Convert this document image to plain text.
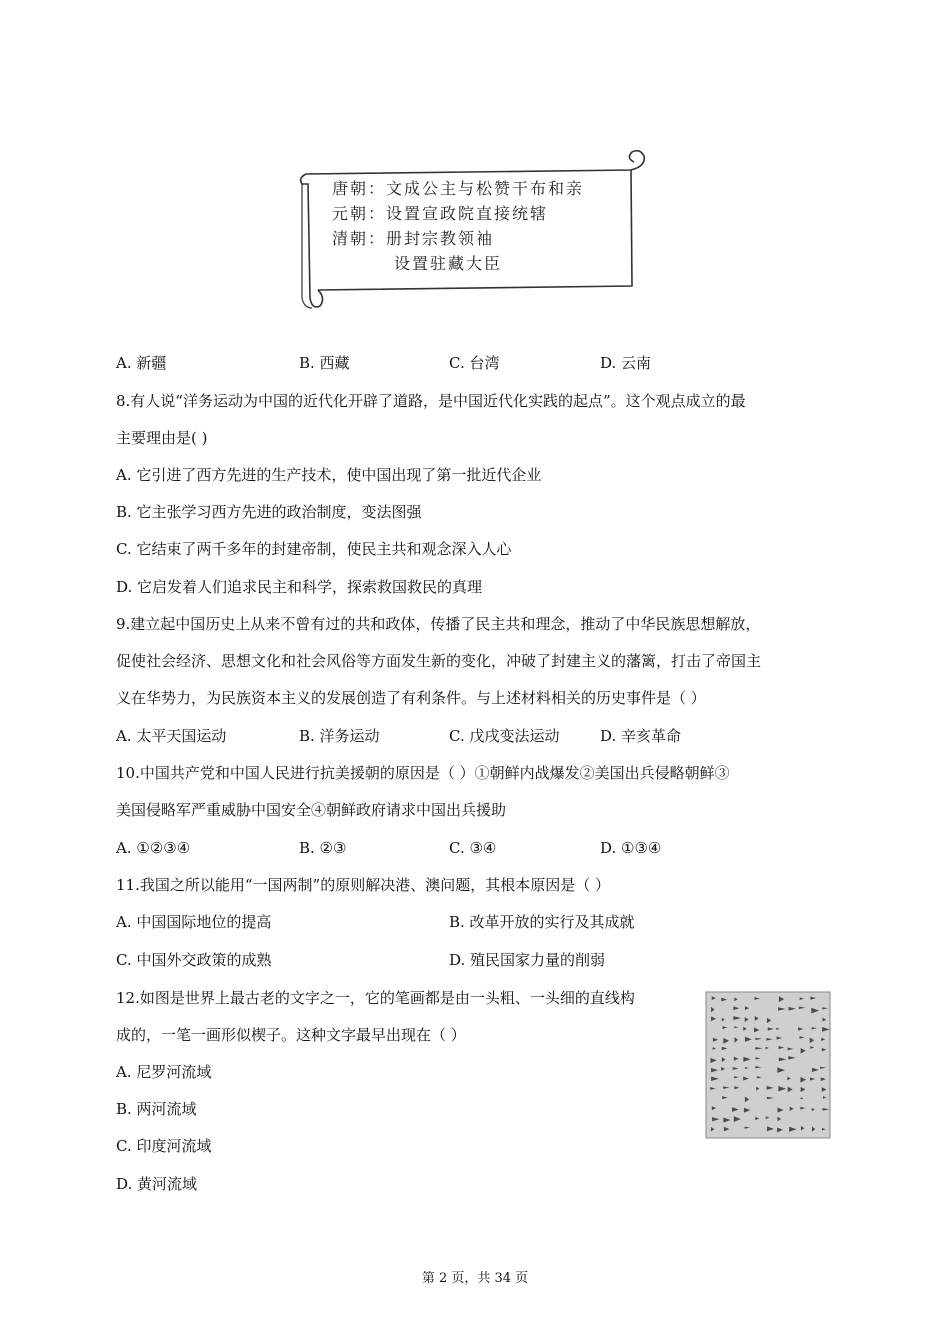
唐朝：文成公主与松赞干布和亲
元朝：设置宣政院直接统辖
清朝：册封宗教领袖
设置驻藏大臣
A. 新疆	B. 西藏	C. 台湾	D. 云南
8.有人说“洋务运动为中国的近代化开辟了道路，是中国近代化实践的起点”。这个观点成立的最
主要理由是( )
A. 它引进了西方先进的生产技术，使中国出现了第一批近代企业
B. 它主张学习西方先进的政治制度，变法图强
C. 它结束了两千多年的封建帝制，使民主共和观念深入人心
D. 它启发着人们追求民主和科学，探索救国救民的真理
9.建立起中国历史上从来不曾有过的共和政体，传播了民主共和理念，推动了中华民族思想解放，
促使社会经济、思想文化和社会风俗等方面发生新的变化，冲破了封建主义的藩篱，打击了帝国主
义在华势力，为民族资本主义的发展创造了有利条件。与上述材料相关的历史事件是（ ）
A. 太平天国运动	B. 洋务运动	C. 戊戌变法运动	D. 辛亥革命
10.中国共产党和中国人民进行抗美援朝的原因是（ ）①朝鲜内战爆发②美国出兵侵略朝鲜③
美国侵略军严重威胁中国安全④朝鲜政府请求中国出兵援助
A. ①②③④	B. ②③	C. ③④	D. ①③④
11.我国之所以能用“一国两制”的原则解决港、澳问题，其根本原因是（ ）
A. 中国国际地位的提高	B. 改革开放的实行及其成就
C. 中国外交政策的成熟	D. 殖民国家力量的削弱
12.如图是世界上最古老的文字之一，它的笔画都是由一头粗、一头细的直线构
成的，一笔一画形似楔子。这种文字最早出现在（ ）
A. 尼罗河流域
B. 两河流域
C. 印度河流域
D. 黄河流域
第 2 页，共 34 页
